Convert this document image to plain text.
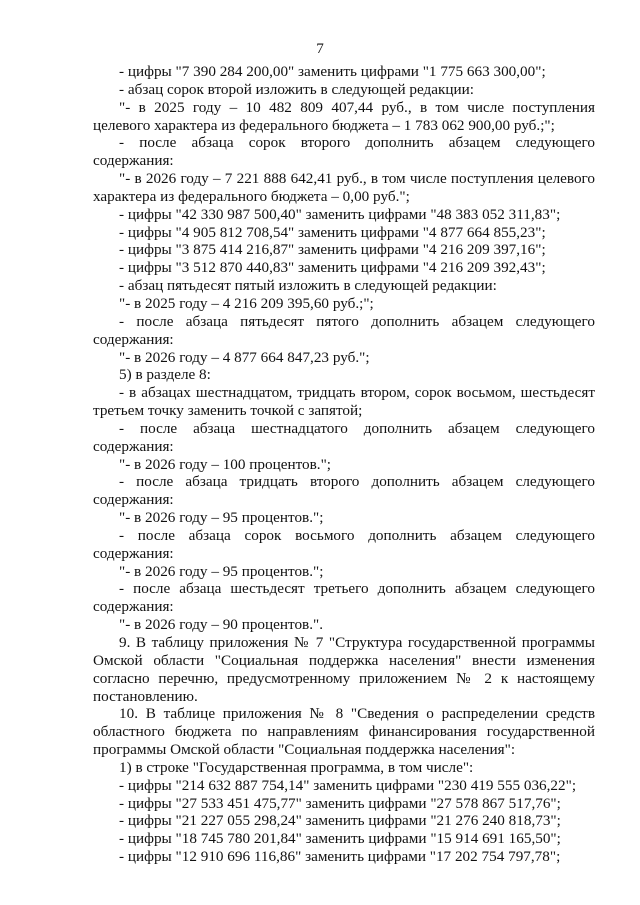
7
- цифры "7 390 284 200,00" заменить цифрами "1 775 663 300,00";
- абзац сорок второй изложить в следующей редакции:
"- в 2025 году – 10 482 809 407,44 руб., в том числе поступления
целевого характера из федерального бюджета – 1 783 062 900,00 руб.;";
- после абзаца сорок второго дополнить абзацем следующего
содержания:
"- в 2026 году – 7 221 888 642,41 руб., в том числе поступления целевого
характера из федерального бюджета – 0,00 руб.";
- цифры "42 330 987 500,40" заменить цифрами "48 383 052 311,83";
- цифры "4 905 812 708,54" заменить цифрами "4 877 664 855,23";
- цифры "3 875 414 216,87" заменить цифрами "4 216 209 397,16";
- цифры "3 512 870 440,83" заменить цифрами "4 216 209 392,43";
- абзац пятьдесят пятый изложить в следующей редакции:
"- в 2025 году – 4 216 209 395,60 руб.;";
- после абзаца пятьдесят пятого дополнить абзацем следующего
содержания:
"- в 2026 году – 4 877 664 847,23 руб.";
5) в разделе 8:
- в абзацах шестнадцатом, тридцать втором, сорок восьмом, шестьдесят
третьем точку заменить точкой с запятой;
- после абзаца шестнадцатого дополнить абзацем следующего
содержания:
"- в 2026 году – 100 процентов.";
- после абзаца тридцать второго дополнить абзацем следующего
содержания:
"- в 2026 году – 95 процентов.";
- после абзаца сорок восьмого дополнить абзацем следующего
содержания:
"- в 2026 году – 95 процентов.";
- после абзаца шестьдесят третьего дополнить абзацем следующего
содержания:
"- в 2026 году – 90 процентов.".
9. В таблицу приложения № 7 "Структура государственной программы
Омской области "Социальная поддержка населения" внести изменения
согласно перечню, предусмотренному приложением № 2 к настоящему
постановлению.
10. В таблице приложения № 8 "Сведения о распределении средств
областного бюджета по направлениям финансирования государственной
программы Омской области "Социальная поддержка населения":
1) в строке "Государственная программа, в том числе":
- цифры "214 632 887 754,14" заменить цифрами "230 419 555 036,22";
- цифры "27 533 451 475,77" заменить цифрами "27 578 867 517,76";
- цифры "21 227 055 298,24" заменить цифрами "21 276 240 818,73";
- цифры "18 745 780 201,84" заменить цифрами "15 914 691 165,50";
- цифры "12 910 696 116,86" заменить цифрами "17 202 754 797,78";
